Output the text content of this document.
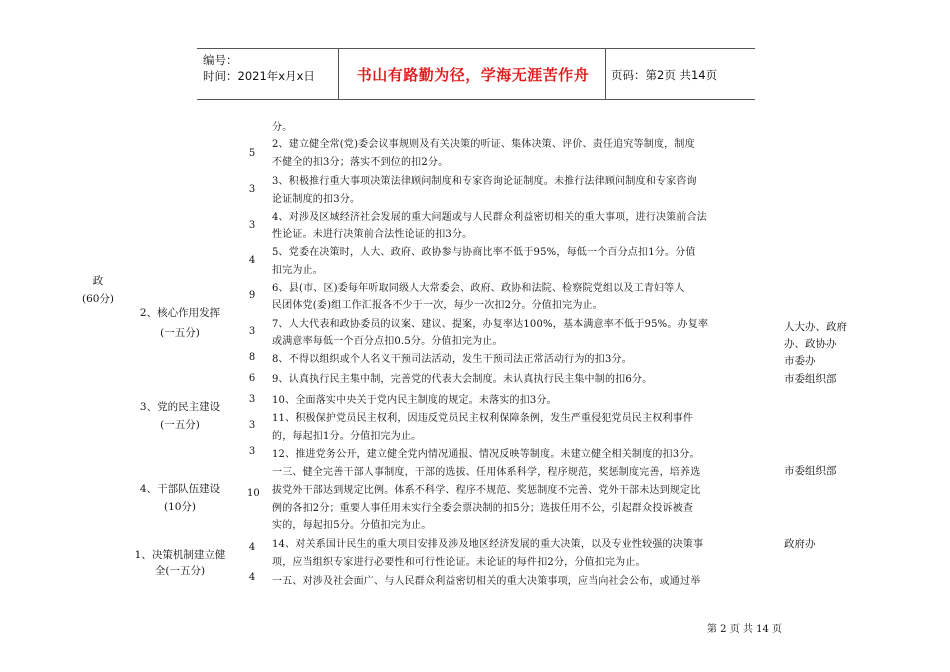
编号：
时间：2021年x月x日	书山有路勤为径，学海无涯苦作舟	页码：第2页 共14页
政
(60分)
2、核心作用发挥
(一五分)
3、党的民主建设
(一五分)
4、干部队伍建设
(10分)
1、决策机制建立健
全(一五分)
5
3
3
4
9
3
8
6
3
3
3
10
4
4
分。
2、建立健全常(党)委会议事规则及有关决策的听证、集体决策、评价、责任追究等制度，制度
不健全的扣3分；落实不到位的扣2分。
3、积极推行重大事项决策法律顾问制度和专家咨询论证制度。未推行法律顾问制度和专家咨询
论证制度的扣3分。
4、对涉及区域经济社会发展的重大问题或与人民群众利益密切相关的重大事项，进行决策前合法
性论证。未进行决策前合法性论证的扣3分。
5、党委在决策时，人大、政府、政协参与协商比率不低于95%，每低一个百分点扣1分。分值
扣完为止。
6、县(市、区)委每年听取同级人大常委会、政府、政协和法院、检察院党组以及工青妇等人
民团体党(委)组工作汇报各不少于一次，每少一次扣2分。分值扣完为止。
7、人大代表和政协委员的议案、建议、提案，办复率达100%，基本满意率不低于95%。办复率
或满意率每低一个百分点扣0.5分。分值扣完为止。
8、不得以组织或个人名义干预司法活动，发生干预司法正常活动行为的扣3分。
9、认真执行民主集中制，完善党的代表大会制度。未认真执行民主集中制的扣6分。
10、全面落实中央关于党内民主制度的规定。未落实的扣3分。
11、积极保护党员民主权利，因违反党员民主权利保障条例，发生严重侵犯党员民主权利事件
的，每起扣1分。分值扣完为止。
12、推进党务公开，建立健全党内情况通报、情况反映等制度。未建立健全相关制度的扣3分。
一三、健全完善干部人事制度，干部的选拔、任用体系科学，程序规范，奖惩制度完善，培养选
拔党外干部达到规定比例。体系不科学、程序不规范、奖惩制度不完善、党外干部未达到规定比
例的各扣2分；重要人事任用未实行全委会票决制的扣5分；选拔任用不公，引起群众投诉被查
实的，每起扣5分。分值扣完为止。
14、对关系国计民生的重大项目安排及涉及地区经济发展的重大决策，以及专业性较强的决策事
项，应当组织专家进行必要性和可行性论证。未论证的每件扣2分，分值扣完为止。
一五、对涉及社会面广、与人民群众利益密切相关的重大决策事项，应当向社会公布，或通过举
人大办、政府
办、政协办
市委办
市委组织部
市委组织部
政府办
第 2 页 共 14 页
